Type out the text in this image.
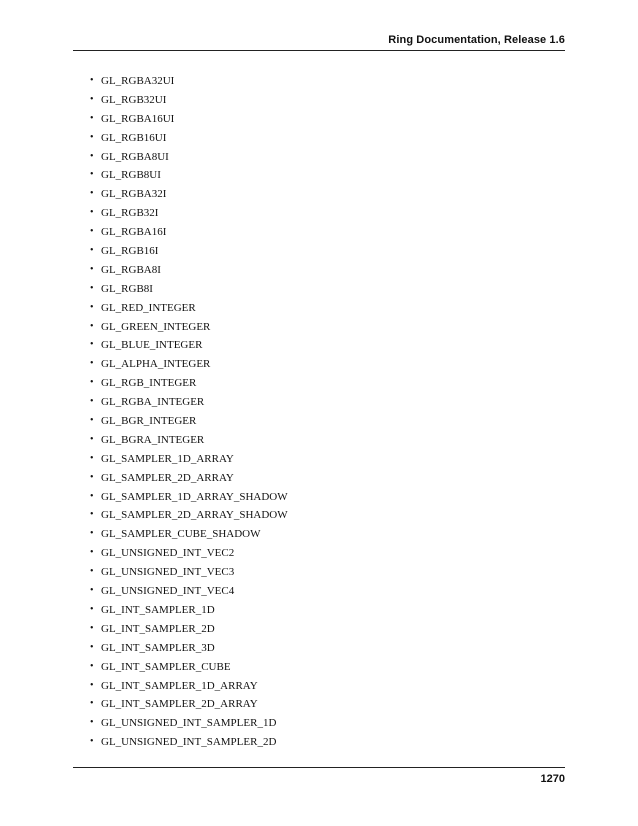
Ring Documentation, Release 1.6
• GL_RGBA32UI
• GL_RGB32UI
• GL_RGBA16UI
• GL_RGB16UI
• GL_RGBA8UI
• GL_RGB8UI
• GL_RGBA32I
• GL_RGB32I
• GL_RGBA16I
• GL_RGB16I
• GL_RGBA8I
• GL_RGB8I
• GL_RED_INTEGER
• GL_GREEN_INTEGER
• GL_BLUE_INTEGER
• GL_ALPHA_INTEGER
• GL_RGB_INTEGER
• GL_RGBA_INTEGER
• GL_BGR_INTEGER
• GL_BGRA_INTEGER
• GL_SAMPLER_1D_ARRAY
• GL_SAMPLER_2D_ARRAY
• GL_SAMPLER_1D_ARRAY_SHADOW
• GL_SAMPLER_2D_ARRAY_SHADOW
• GL_SAMPLER_CUBE_SHADOW
• GL_UNSIGNED_INT_VEC2
• GL_UNSIGNED_INT_VEC3
• GL_UNSIGNED_INT_VEC4
• GL_INT_SAMPLER_1D
• GL_INT_SAMPLER_2D
• GL_INT_SAMPLER_3D
• GL_INT_SAMPLER_CUBE
• GL_INT_SAMPLER_1D_ARRAY
• GL_INT_SAMPLER_2D_ARRAY
• GL_UNSIGNED_INT_SAMPLER_1D
• GL_UNSIGNED_INT_SAMPLER_2D
1270
